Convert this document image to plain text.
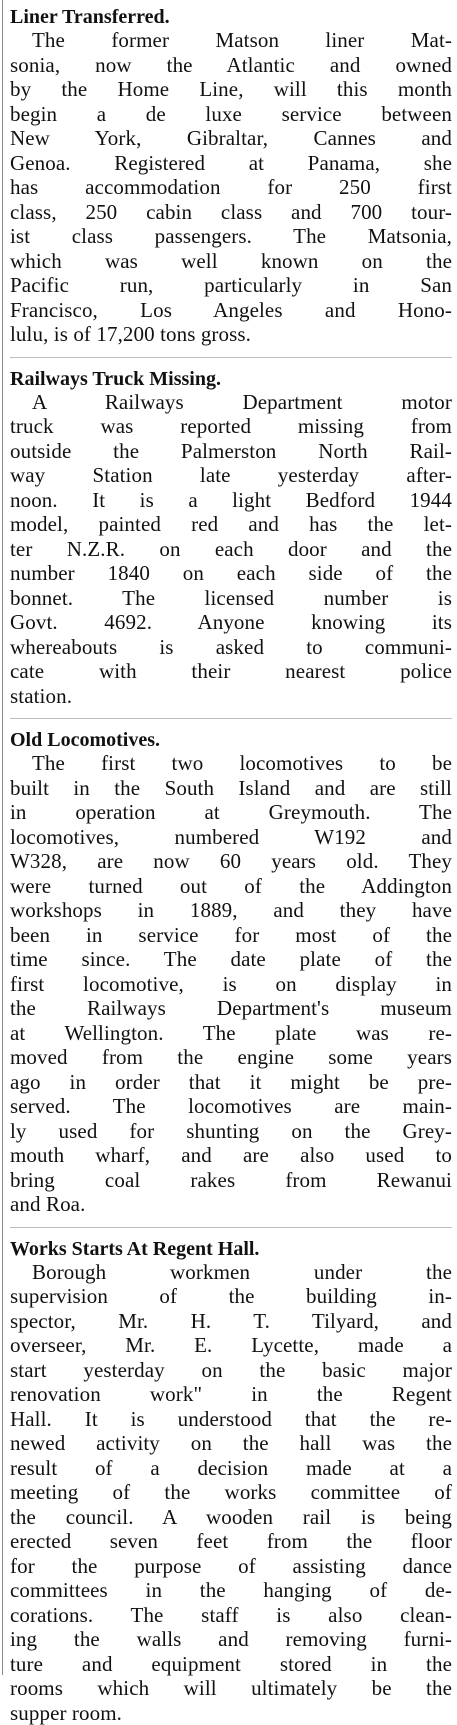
Liner Transferred.
The former Matson liner Mat-
sonia, now the Atlantic and owned
by the Home Line, will this month
begin a de luxe service between
New York, Gibraltar, Cannes and
Genoa. Registered at Panama, she
has accommodation for 250 first
class, 250 cabin class and 700 tour-
ist class passengers. The Matsonia,
which was well known on the
Pacific run, particularly in San
Francisco, Los Angeles and Hono-
lulu, is of 17,200 tons gross.
Railways Truck Missing.
A Railways Department motor
truck was reported missing from
outside the Palmerston North Rail-
way Station late yesterday after-
noon. It is a light Bedford 1944
model, painted red and has the let-
ter N.Z.R. on each door and the
number 1840 on each side of the
bonnet. The licensed number is
Govt. 4692. Anyone knowing its
whereabouts is asked to communi-
cate with their nearest police
station.
Old Locomotives.
The first two locomotives to be
built in the South Island and are still
in operation at Greymouth. The
locomotives, numbered W192 and
W328, are now 60 years old. They
were turned out of the Addington
workshops in 1889, and they have
been in service for most of the
time since. The date plate of the
first locomotive, is on display in
the Railways Department's museum
at Wellington. The plate was re-
moved from the engine some years
ago in order that it might be pre-
served. The locomotives are main-
ly used for shunting on the Grey-
mouth wharf, and are also used to
bring coal rakes from Rewanui
and Roa.
Works Starts At Regent Hall.
Borough workmen under the
supervision of the building in-
spector, Mr. H. T. Tilyard, and
overseer, Mr. E. Lycette, made a
start yesterday on the basic major
renovation work" in the Regent
Hall. It is understood that the re-
newed activity on the hall was the
result of a decision made at a
meeting of the works committee of
the council. A wooden rail is being
erected seven feet from the floor
for the purpose of assisting dance
committees in the hanging of de-
corations. The staff is also clean-
ing the walls and removing furni-
ture and equipment stored in the
rooms which will ultimately be the
supper room.
